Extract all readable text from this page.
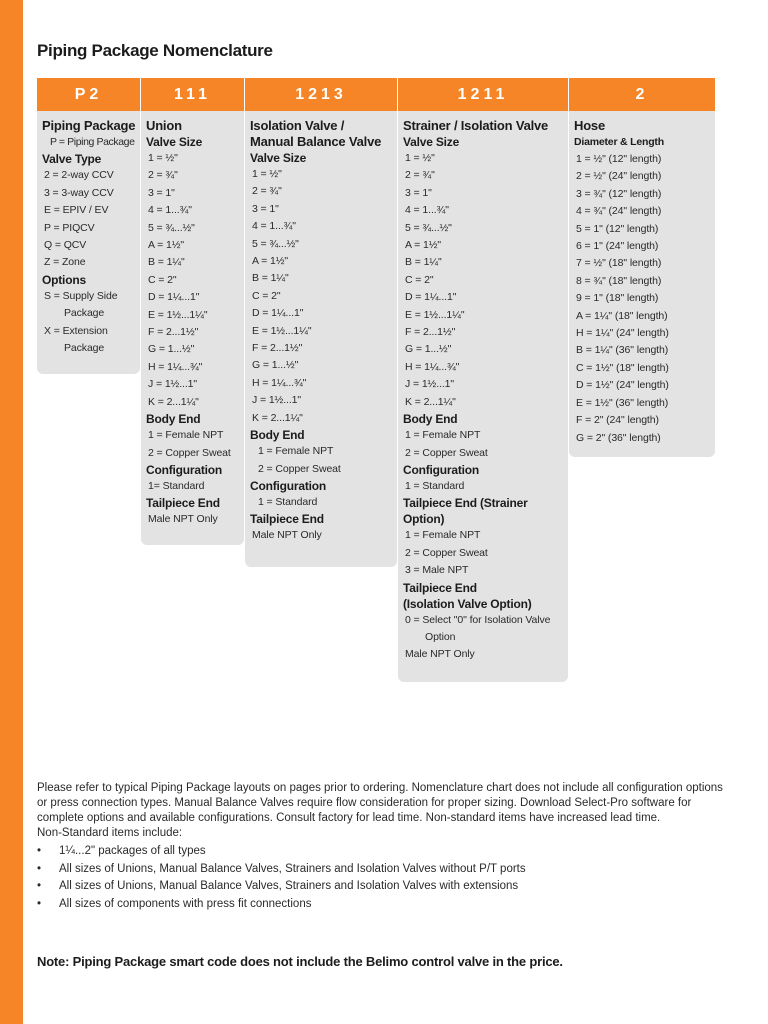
Piping Package Nomenclature
P2	111	1213	1211	2
Piping Package
P = Piping Package
Valve Type
2 = 2-way CCV
3 = 3-way CCV
E = EPIV / EV
P = PIQCV
Q = QCV
Z = Zone
Options
S = Supply Side
Package
X = Extension
Package
Union
Valve Size
1 = ½"
2 = ¾"
3 = 1"
4 = 1...¾"
5 = ¾...½"
A = 1½"
B = 1¼"
C = 2"
D = 1¼...1"
E = 1½...1¼"
F = 2...1½"
G = 1...½"
H = 1¼...¾"
J = 1½...1"
K = 2...1¼"
Body End
1 = Female NPT
2 = Copper Sweat
Configuration
1= Standard
Tailpiece End
Male NPT Only
Isolation Valve /
Manual Balance Valve
Valve Size
1 = ½"
2 = ¾"
3 = 1"
4 = 1...¾"
5 = ¾...½"
A = 1½"
B = 1¼"
C = 2"
D = 1¼...1"
E = 1½...1¼"
F = 2...1½"
G = 1...½"
H = 1¼...¾"
J = 1½...1"
K = 2...1¼"
Body End
1 = Female NPT
2 = Copper Sweat
Configuration
1 = Standard
Tailpiece End
Male NPT Only
Strainer / Isolation Valve
Valve Size
1 = ½"
2 = ¾"
3 = 1"
4 = 1...¾"
5 = ¾...½"
A = 1½"
B = 1¼"
C = 2"
D = 1¼...1"
E = 1½...1¼"
F = 2...1½"
G = 1...½"
H = 1¼...¾"
J = 1½...1"
K = 2...1¼"
Body End
1 = Female NPT
2 = Copper Sweat
Configuration
1 = Standard
Tailpiece End (Strainer
Option)
1 = Female NPT
2 = Copper Sweat
3 = Male NPT
Tailpiece End
(Isolation Valve Option)
0 = Select "0" for Isolation Valve
Option
Male NPT Only
Hose
Diameter & Length
1 = ½" (12" length)
2 = ½" (24" length)
3 = ¾" (12" length)
4 = ¾" (24" length)
5 = 1" (12" length)
6 = 1" (24" length)
7 = ½" (18" length)
8 = ¾" (18" length)
9 = 1" (18" length)
A = 1¼" (18" length)
H = 1¼" (24" length)
B = 1¼" (36" length)
C = 1½" (18" length)
D = 1½" (24" length)
E = 1½" (36" length)
F = 2" (24" length)
G = 2" (36" length)
Please refer to typical Piping Package layouts on pages prior to ordering. Nomenclature chart does not include all configuration options or press connection types. Manual Balance Valves require flow consideration for proper sizing. Download Select-Pro software for complete options and available configurations. Consult factory for lead time. Non-standard items have increased lead time.
Non-Standard items include:
•	1¼...2" packages of all types
•	All sizes of Unions, Manual Balance Valves, Strainers and Isolation Valves without P/T ports
•	All sizes of Unions, Manual Balance Valves, Strainers and Isolation Valves with extensions
•	All sizes of components with press fit connections
Note: Piping Package smart code does not include the Belimo control valve in the price.
